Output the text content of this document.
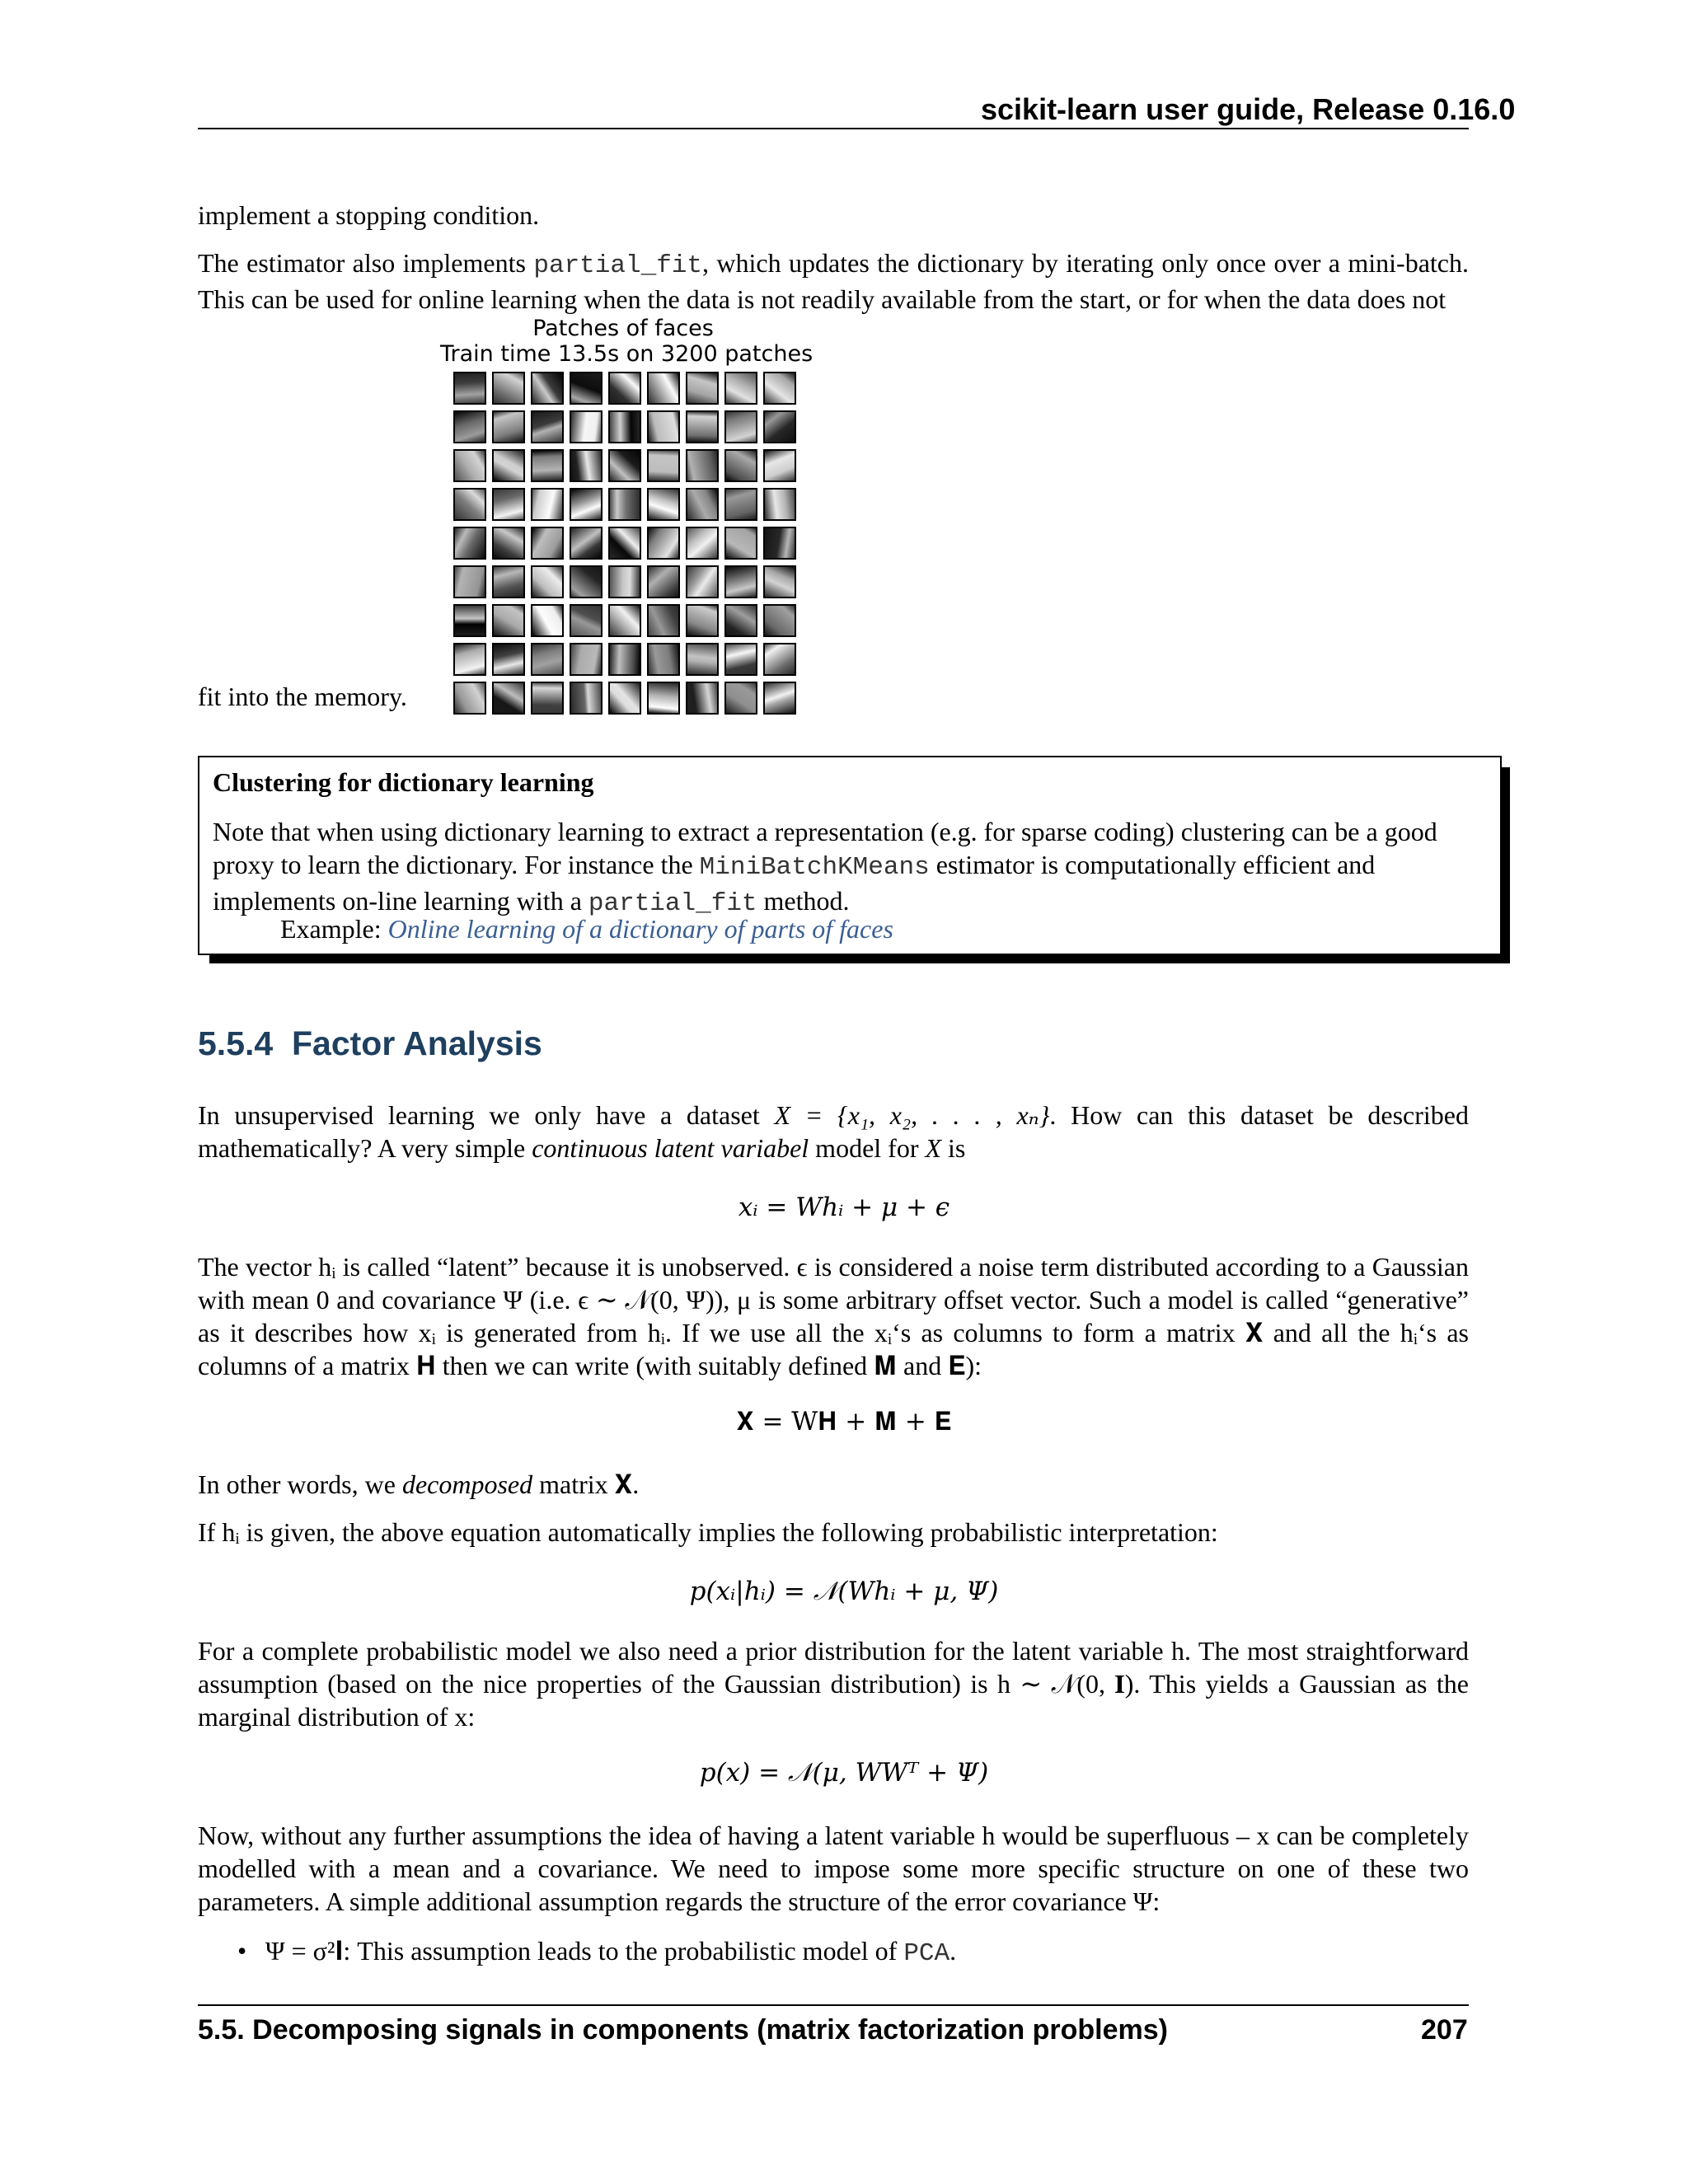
scikit-learn user guide, Release 0.16.0
implement a stopping condition.
The estimator also implements partial_fit, which updates the dictionary by iterating only once over a mini-batch. This can be used for online learning when the data is not readily available from the start, or for when the data does not
Patches of faces
Train time 13.5s on 3200 patches
fit into the memory.
Clustering for dictionary learning
Note that when using dictionary learning to extract a representation (e.g. for sparse coding) clustering can be a good proxy to learn the dictionary. For instance the MiniBatchKMeans estimator is computationally efficient and implements on-line learning with a partial_fit method.
Example: Online learning of a dictionary of parts of faces
5.5.4 Factor Analysis
In unsupervised learning we only have a dataset X = {x₁, x₂, . . . , xₙ}. How can this dataset be described mathematically? A very simple continuous latent variabel model for X is
xᵢ = Whᵢ + μ + ϵ
The vector hᵢ is called “latent” because it is unobserved. ϵ is considered a noise term distributed according to a Gaussian with mean 0 and covariance Ψ (i.e. ϵ ∼ 𝒩(0, Ψ)), μ is some arbitrary offset vector. Such a model is called “generative” as it describes how xᵢ is generated from hᵢ. If we use all the xᵢ‘s as columns to form a matrix 𝐗 and all the hᵢ‘s as columns of a matrix 𝐇 then we can write (with suitably defined 𝐌 and 𝐄):
𝐗 = W𝐇 + 𝐌 + 𝐄
In other words, we decomposed matrix 𝐗.
If hᵢ is given, the above equation automatically implies the following probabilistic interpretation:
p(xᵢ|hᵢ) = 𝒩(Whᵢ + μ, Ψ)
For a complete probabilistic model we also need a prior distribution for the latent variable h. The most straightforward assumption (based on the nice properties of the Gaussian distribution) is h ∼ 𝒩(0, 𝐈). This yields a Gaussian as the marginal distribution of x:
p(x) = 𝒩(μ, WWᵀ + Ψ)
Now, without any further assumptions the idea of having a latent variable h would be superfluous – x can be completely modelled with a mean and a covariance. We need to impose some more specific structure on one of these two parameters. A simple additional assumption regards the structure of the error covariance Ψ:
• Ψ = σ²𝐈: This assumption leads to the probabilistic model of PCA.
5.5. Decomposing signals in components (matrix factorization problems)	207
